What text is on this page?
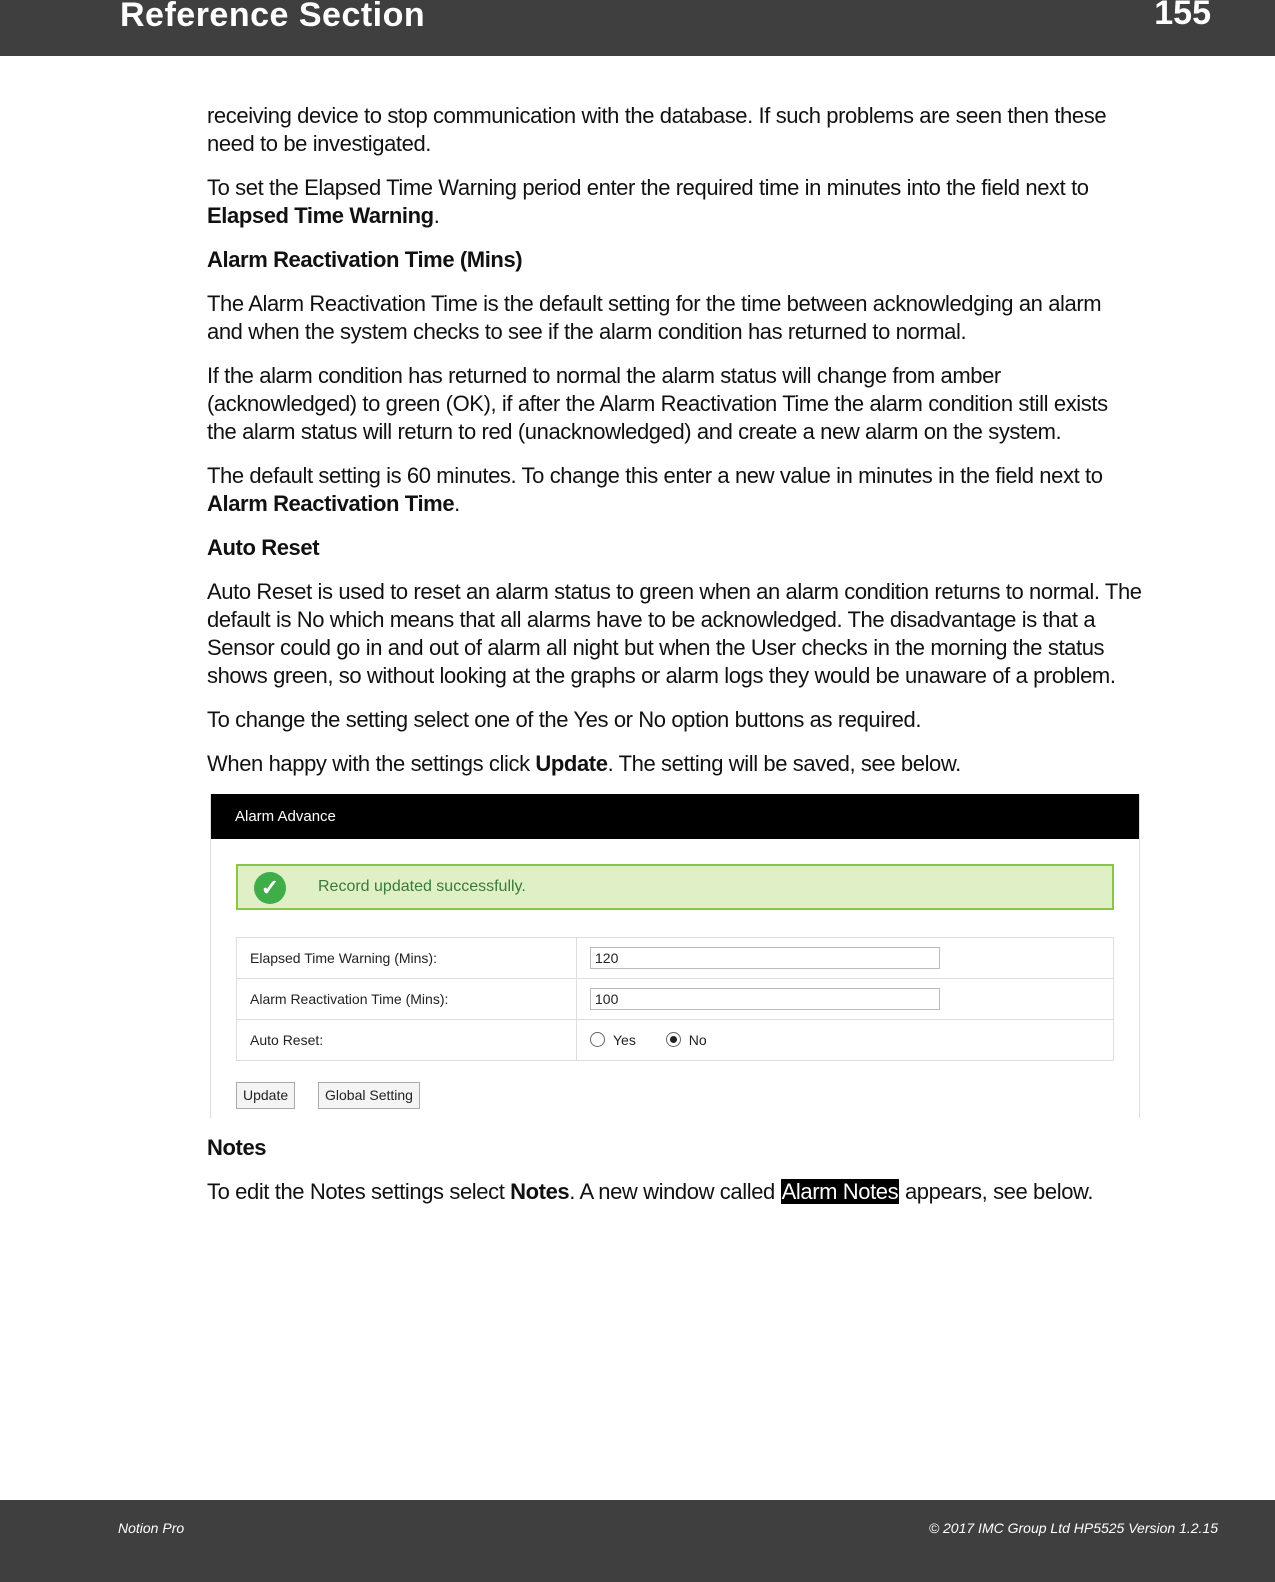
Reference Section	155

receiving device to stop communication with the database. If such problems are seen then these need to be investigated.

To set the Elapsed Time Warning period enter the required time in minutes into the field next to Elapsed Time Warning.

Alarm Reactivation Time (Mins)

The Alarm Reactivation Time is the default setting for the time between acknowledging an alarm and when the system checks to see if the alarm condition has returned to normal.

If the alarm condition has returned to normal the alarm status will change from amber (acknowledged) to green (OK), if after the Alarm Reactivation Time the alarm condition still exists the alarm status will return to red (unacknowledged) and create a new alarm on the system.

The default setting is 60 minutes. To change this enter a new value in minutes in the field next to Alarm Reactivation Time.

Auto Reset

Auto Reset is used to reset an alarm status to green when an alarm condition returns to normal. The default is No which means that all alarms have to be acknowledged. The disadvantage is that a Sensor could go in and out of alarm all night but when the User checks in the morning the status shows green, so without looking at the graphs or alarm logs they would be unaware of a problem.

To change the setting select one of the Yes or No option buttons as required.

When happy with the settings click Update. The setting will be saved, see below.

Alarm Advance
✓	Record updated successfully.
Elapsed Time Warning (Mins):	120
Alarm Reactivation Time (Mins):	100
Auto Reset:	Yes No
Update	Global Setting
Notes

To edit the Notes settings select Notes. A new window called Alarm Notes appears, see below.

Notion Pro	© 2017 IMC Group Ltd HP5525 Version 1.2.15
